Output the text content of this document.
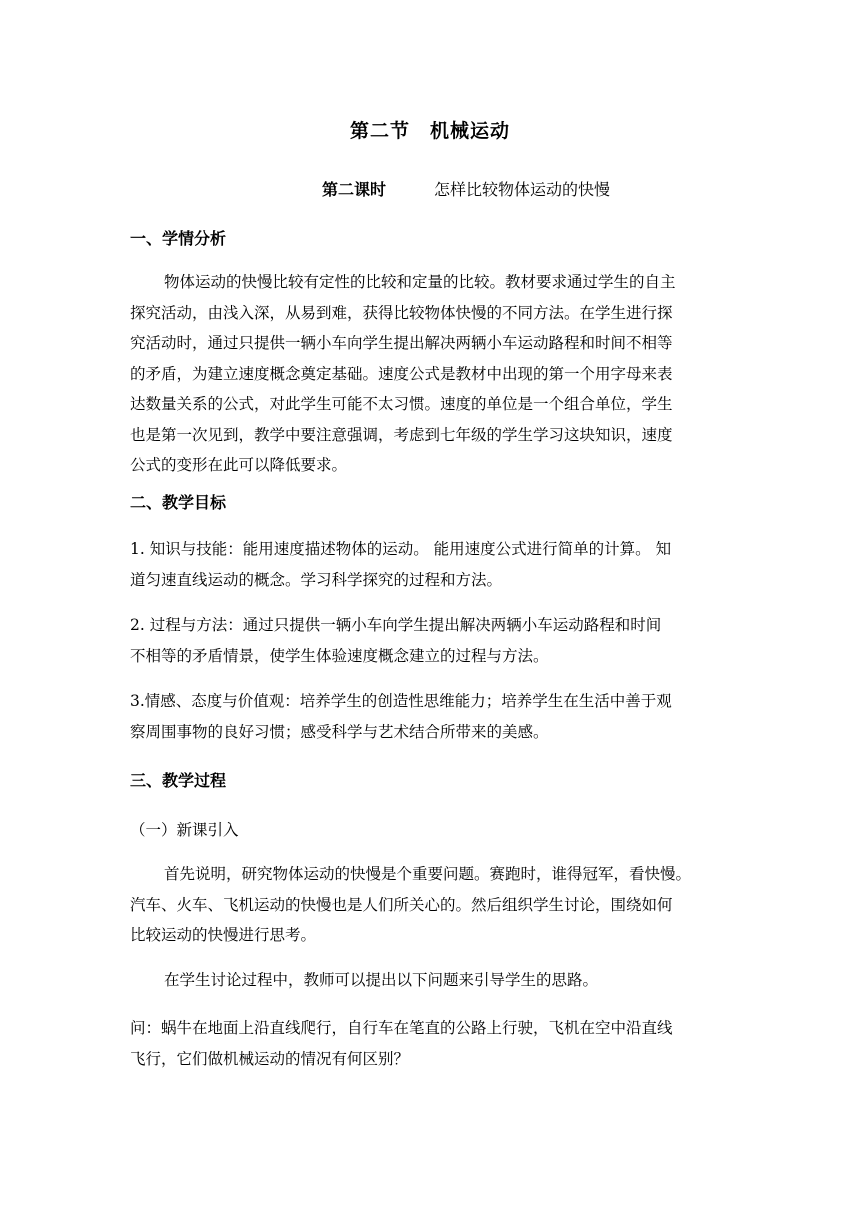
第二节 机械运动
第二课时	怎样比较物体运动的快慢
一、学情分析
物体运动的快慢比较有定性的比较和定量的比较。教材要求通过学生的自主
探究活动，由浅入深，从易到难，获得比较物体快慢的不同方法。在学生进行探
究活动时，通过只提供一辆小车向学生提出解决两辆小车运动路程和时间不相等
的矛盾，为建立速度概念奠定基础。速度公式是教材中出现的第一个用字母来表
达数量关系的公式，对此学生可能不太习惯。速度的单位是一个组合单位，学生
也是第一次见到，教学中要注意强调，考虑到七年级的学生学习这块知识，速度
公式的变形在此可以降低要求。
二、教学目标
1. 知识与技能：能用速度描述物体的运动。 能用速度公式进行简单的计算。 知
道匀速直线运动的概念。学习科学探究的过程和方法。
2. 过程与方法：通过只提供一辆小车向学生提出解决两辆小车运动路程和时间
不相等的矛盾情景，使学生体验速度概念建立的过程与方法。
3.情感、态度与价值观：培养学生的创造性思维能力；培养学生在生活中善于观
察周围事物的良好习惯；感受科学与艺术结合所带来的美感。
三、教学过程
（一）新课引入
首先说明，研究物体运动的快慢是个重要问题。赛跑时，谁得冠军，看快慢。
汽车、火车、飞机运动的快慢也是人们所关心的。然后组织学生讨论，围绕如何
比较运动的快慢进行思考。
在学生讨论过程中，教师可以提出以下问题来引导学生的思路。
问：蜗牛在地面上沿直线爬行，自行车在笔直的公路上行驶，飞机在空中沿直线
飞行，它们做机械运动的情况有何区别？
